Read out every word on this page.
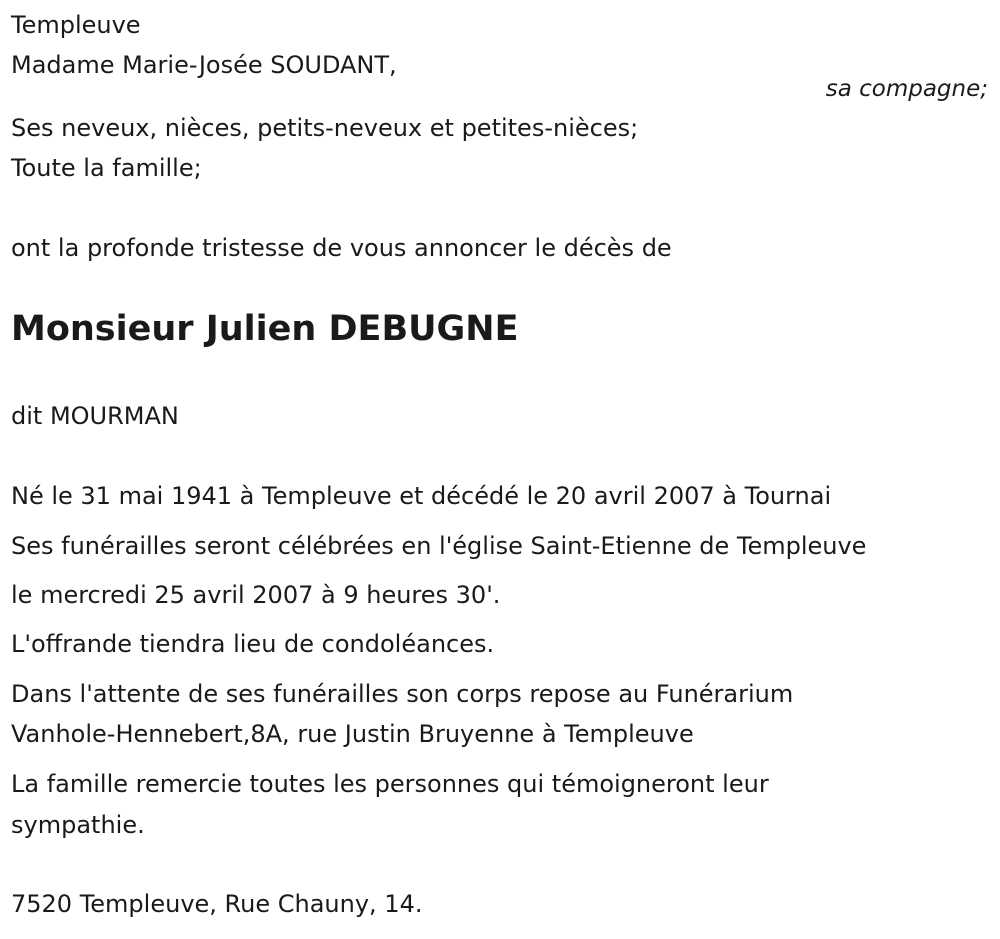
Templeuve
Madame Marie-Josée SOUDANT,
sa compagne;
Ses neveux, nièces, petits-neveux et petites-nièces;
Toute la famille;
ont la profonde tristesse de vous annoncer le décès de
Monsieur Julien DEBUGNE
dit MOURMAN
Né le 31 mai 1941 à Templeuve et décédé le 20 avril 2007 à Tournai
Ses funérailles seront célébrées en l'église Saint-Etienne de Templeuve
le mercredi 25 avril 2007 à 9 heures 30'.
L'offrande tiendra lieu de condoléances.
Dans l'attente de ses funérailles son corps repose au Funérarium
Vanhole-Hennebert,8A, rue Justin Bruyenne à Templeuve
La famille remercie toutes les personnes qui témoigneront leur
sympathie.
7520 Templeuve, Rue Chauny, 14.
